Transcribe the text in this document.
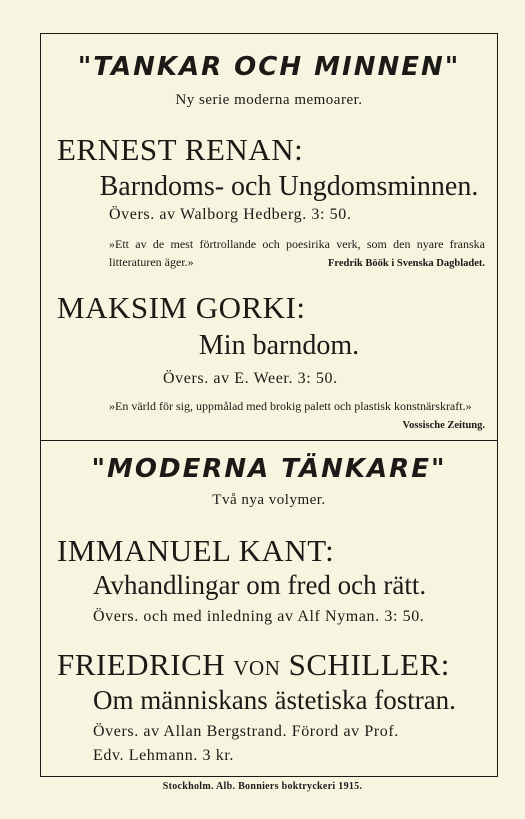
"TANKAR OCH MINNEN"
Ny serie moderna memoarer.
ERNEST RENAN:
Barndoms- och Ungdomsminnen.
Övers. av Walborg Hedberg. 3: 50.
»Ett av de mest förtrollande och poesirika verk, som den nyare franska litteraturen äger.»	Fredrik Böök i Svenska Dagbladet.
MAKSIM GORKI:
Min barndom.
Övers. av E. Weer. 3: 50.
»En värld för sig, uppmålad med brokig palett och plastisk konstnärskraft.»
Vossische Zeitung.
"MODERNA TÄNKARE"
Två nya volymer.
IMMANUEL KANT:
Avhandlingar om fred och rätt.
Övers. och med inledning av Alf Nyman. 3: 50.
FRIEDRICH VON SCHILLER:
Om människans ästetiska fostran.
Övers. av Allan Bergstrand. Förord av Prof.
Edv. Lehmann. 3 kr.
Stockholm. Alb. Bonniers boktryckeri 1915.
